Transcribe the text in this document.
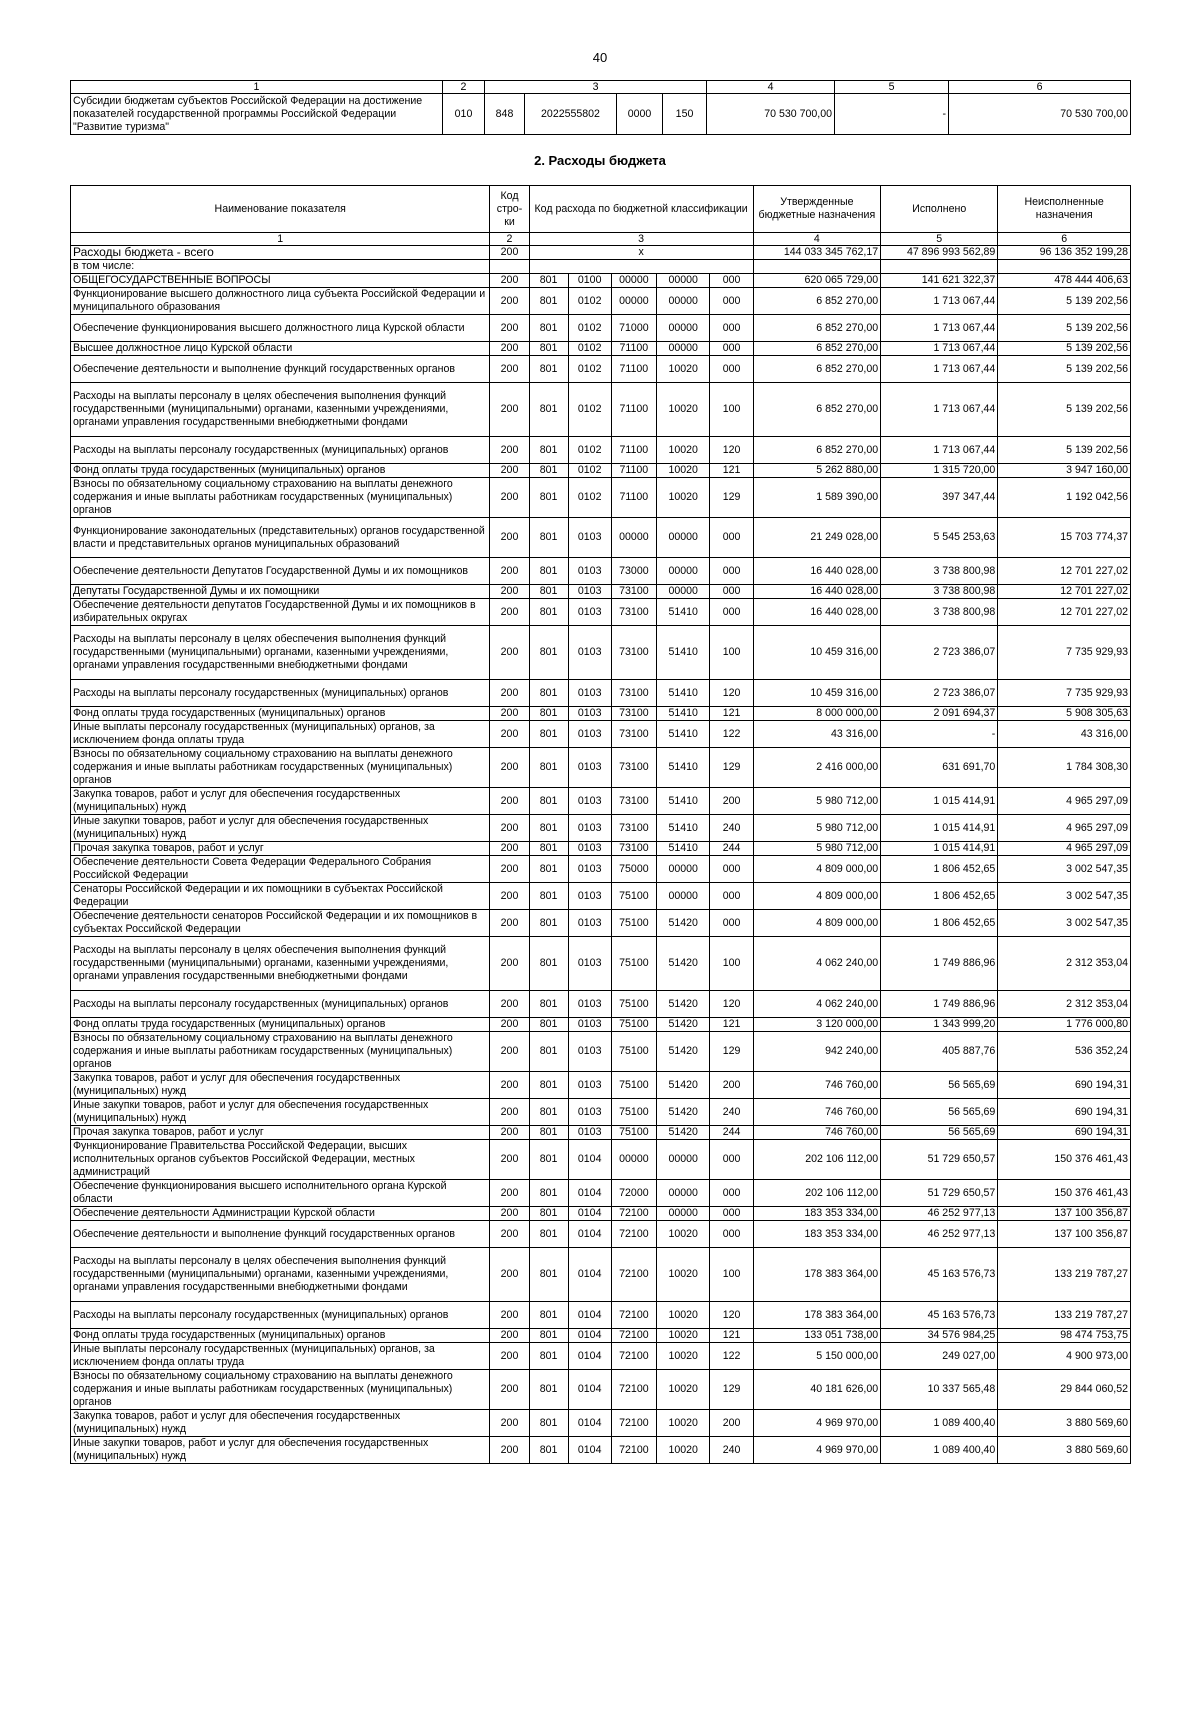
40
1	2	3				4	5	6
Субсидии бюджетам субъектов Российской Федерации на достижение показателей государственной программы Российской Федерации "Развитие туризма"	010	848	2022555802	0000	150	70 530 700,00	-	70 530 700,00
2. Расходы бюджета
Наименование показателя	Код стро-ки	Код расхода по бюджетной классификации					Утвержденные бюджетные назначения	Исполнено	Неисполненные назначения
1	2	3					4	5	6
Расходы бюджета - всего	200	x					144 033 345 762,17	47 896 993 562,89	96 136 352 199,28
в том числе:									
ОБЩЕГОСУДАРСТВЕННЫЕ ВОПРОСЫ	200	801	0100	00000	00000	000	620 065 729,00	141 621 322,37	478 444 406,63
Функционирование высшего должностного лица субъекта Российской Федерации и муниципального образования	200	801	0102	00000	00000	000	6 852 270,00	1 713 067,44	5 139 202,56
Обеспечение функционирования высшего должностного лица Курской области	200	801	0102	71000	00000	000	6 852 270,00	1 713 067,44	5 139 202,56
Высшее должностное лицо Курской области	200	801	0102	71100	00000	000	6 852 270,00	1 713 067,44	5 139 202,56
Обеспечение деятельности и выполнение функций государственных органов	200	801	0102	71100	10020	000	6 852 270,00	1 713 067,44	5 139 202,56
Расходы на выплаты персоналу в целях обеспечения выполнения функций государственными (муниципальными) органами, казенными учреждениями, органами управления государственными внебюджетными фондами	200	801	0102	71100	10020	100	6 852 270,00	1 713 067,44	5 139 202,56
Расходы на выплаты персоналу государственных (муниципальных) органов	200	801	0102	71100	10020	120	6 852 270,00	1 713 067,44	5 139 202,56
Фонд оплаты труда государственных (муниципальных) органов	200	801	0102	71100	10020	121	5 262 880,00	1 315 720,00	3 947 160,00
Взносы по обязательному социальному страхованию на выплаты денежного содержания и иные выплаты работникам государственных (муниципальных) органов	200	801	0102	71100	10020	129	1 589 390,00	397 347,44	1 192 042,56
Функционирование законодательных (представительных) органов государственной власти и представительных органов муниципальных образований	200	801	0103	00000	00000	000	21 249 028,00	5 545 253,63	15 703 774,37
Обеспечение деятельности Депутатов Государственной Думы и их помощников	200	801	0103	73000	00000	000	16 440 028,00	3 738 800,98	12 701 227,02
Депутаты Государственной Думы и их помощники	200	801	0103	73100	00000	000	16 440 028,00	3 738 800,98	12 701 227,02
Обеспечение деятельности депутатов Государственной Думы и их помощников в избирательных округах	200	801	0103	73100	51410	000	16 440 028,00	3 738 800,98	12 701 227,02
Расходы на выплаты персоналу в целях обеспечения выполнения функций государственными (муниципальными) органами, казенными учреждениями, органами управления государственными внебюджетными фондами	200	801	0103	73100	51410	100	10 459 316,00	2 723 386,07	7 735 929,93
Расходы на выплаты персоналу государственных (муниципальных) органов	200	801	0103	73100	51410	120	10 459 316,00	2 723 386,07	7 735 929,93
Фонд оплаты труда государственных (муниципальных) органов	200	801	0103	73100	51410	121	8 000 000,00	2 091 694,37	5 908 305,63
Иные выплаты персоналу государственных (муниципальных) органов, за исключением фонда оплаты труда	200	801	0103	73100	51410	122	43 316,00	-	43 316,00
Взносы по обязательному социальному страхованию на выплаты денежного содержания и иные выплаты работникам государственных (муниципальных) органов	200	801	0103	73100	51410	129	2 416 000,00	631 691,70	1 784 308,30
Закупка товаров, работ и услуг для обеспечения государственных (муниципальных) нужд	200	801	0103	73100	51410	200	5 980 712,00	1 015 414,91	4 965 297,09
Иные закупки товаров, работ и услуг для обеспечения государственных (муниципальных) нужд	200	801	0103	73100	51410	240	5 980 712,00	1 015 414,91	4 965 297,09
Прочая закупка товаров, работ и услуг	200	801	0103	73100	51410	244	5 980 712,00	1 015 414,91	4 965 297,09
Обеспечение деятельности Совета Федерации Федерального Собрания Российской Федерации	200	801	0103	75000	00000	000	4 809 000,00	1 806 452,65	3 002 547,35
Сенаторы Российской Федерации и их помощники в субъектах Российской Федерации	200	801	0103	75100	00000	000	4 809 000,00	1 806 452,65	3 002 547,35
Обеспечение деятельности сенаторов Российской Федерации и их помощников в субъектах Российской Федерации	200	801	0103	75100	51420	000	4 809 000,00	1 806 452,65	3 002 547,35
Расходы на выплаты персоналу в целях обеспечения выполнения функций государственными (муниципальными) органами, казенными учреждениями, органами управления государственными внебюджетными фондами	200	801	0103	75100	51420	100	4 062 240,00	1 749 886,96	2 312 353,04
Расходы на выплаты персоналу государственных (муниципальных) органов	200	801	0103	75100	51420	120	4 062 240,00	1 749 886,96	2 312 353,04
Фонд оплаты труда государственных (муниципальных) органов	200	801	0103	75100	51420	121	3 120 000,00	1 343 999,20	1 776 000,80
Взносы по обязательному социальному страхованию на выплаты денежного содержания и иные выплаты работникам государственных (муниципальных) органов	200	801	0103	75100	51420	129	942 240,00	405 887,76	536 352,24
Закупка товаров, работ и услуг для обеспечения государственных (муниципальных) нужд	200	801	0103	75100	51420	200	746 760,00	56 565,69	690 194,31
Иные закупки товаров, работ и услуг для обеспечения государственных (муниципальных) нужд	200	801	0103	75100	51420	240	746 760,00	56 565,69	690 194,31
Прочая закупка товаров, работ и услуг	200	801	0103	75100	51420	244	746 760,00	56 565,69	690 194,31
Функционирование Правительства Российской Федерации, высших исполнительных органов субъектов Российской Федерации, местных администраций	200	801	0104	00000	00000	000	202 106 112,00	51 729 650,57	150 376 461,43
Обеспечение функционирования высшего исполнительного органа Курской области	200	801	0104	72000	00000	000	202 106 112,00	51 729 650,57	150 376 461,43
Обеспечение деятельности Администрации Курской области	200	801	0104	72100	00000	000	183 353 334,00	46 252 977,13	137 100 356,87
Обеспечение деятельности и выполнение функций государственных органов	200	801	0104	72100	10020	000	183 353 334,00	46 252 977,13	137 100 356,87
Расходы на выплаты персоналу в целях обеспечения выполнения функций государственными (муниципальными) органами, казенными учреждениями, органами управления государственными внебюджетными фондами	200	801	0104	72100	10020	100	178 383 364,00	45 163 576,73	133 219 787,27
Расходы на выплаты персоналу государственных (муниципальных) органов	200	801	0104	72100	10020	120	178 383 364,00	45 163 576,73	133 219 787,27
Фонд оплаты труда государственных (муниципальных) органов	200	801	0104	72100	10020	121	133 051 738,00	34 576 984,25	98 474 753,75
Иные выплаты персоналу государственных (муниципальных) органов, за исключением фонда оплаты труда	200	801	0104	72100	10020	122	5 150 000,00	249 027,00	4 900 973,00
Взносы по обязательному социальному страхованию на выплаты денежного содержания и иные выплаты работникам государственных (муниципальных) органов	200	801	0104	72100	10020	129	40 181 626,00	10 337 565,48	29 844 060,52
Закупка товаров, работ и услуг для обеспечения государственных (муниципальных) нужд	200	801	0104	72100	10020	200	4 969 970,00	1 089 400,40	3 880 569,60
Иные закупки товаров, работ и услуг для обеспечения государственных (муниципальных) нужд	200	801	0104	72100	10020	240	4 969 970,00	1 089 400,40	3 880 569,60
